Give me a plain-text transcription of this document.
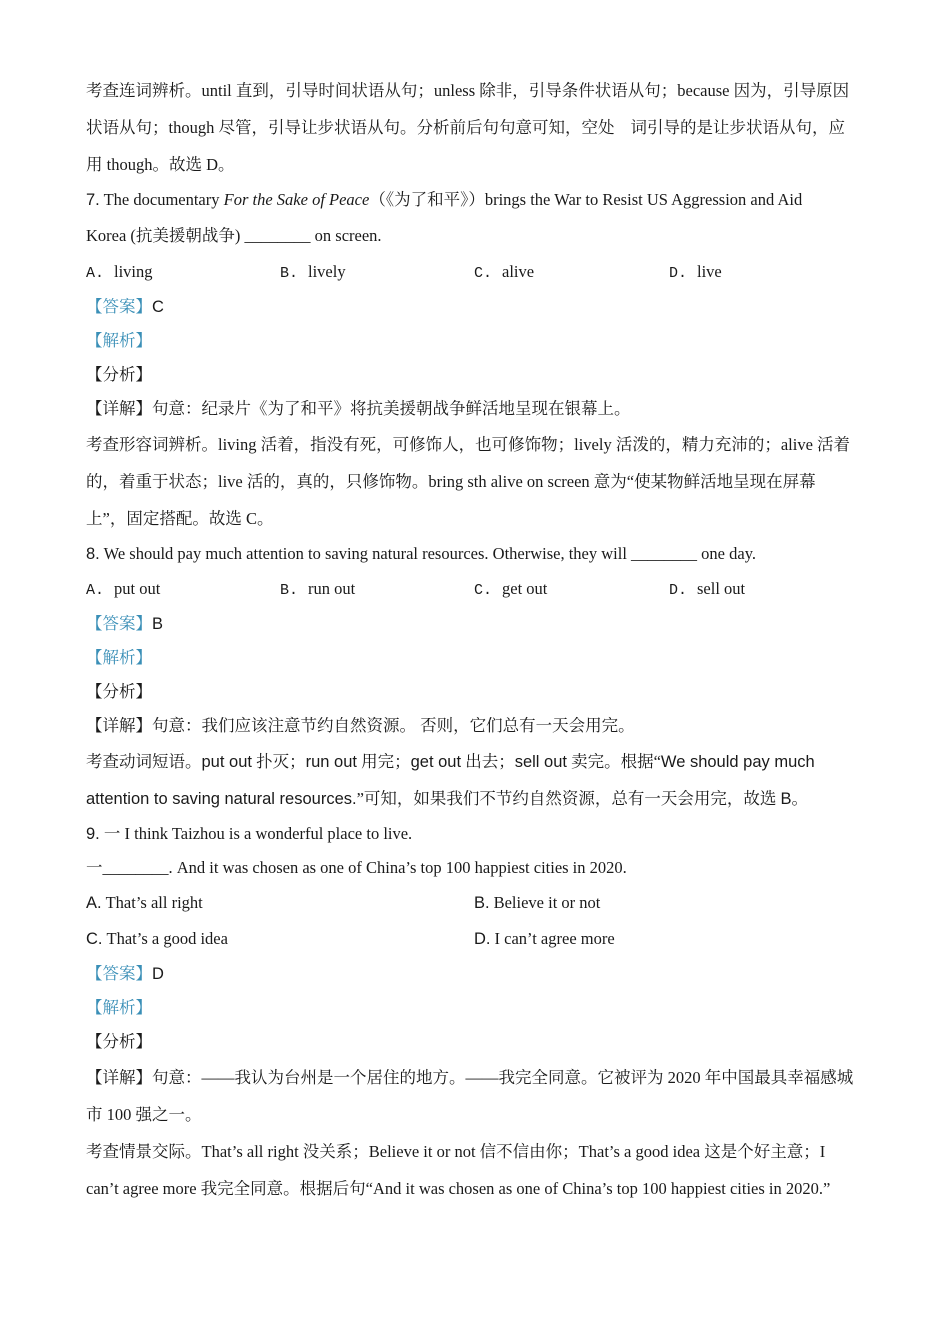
考查连词辨析。until 直到，引导时间状语从句；unless 除非，引导条件状语从句；because 因为，引导原因
状语从句；though 尽管，引导让步状语从句。分析前后句句意可知，空处 词引导的是让步状语从句，应
用 though。故选 D。
7. The documentary For the Sake of Peace（《为了和平》）brings the War to Resist US Aggression and Aid
Korea (抗美援朝战争) ________ on screen.
A. living	B. lively	C. alive	D. live
【答案】C
【解析】
【分析】
【详解】句意：纪录片《为了和平》将抗美援朝战争鲜活地呈现在银幕上。
考查形容词辨析。living 活着，指没有死，可修饰人，也可修饰物；lively 活泼的，精力充沛的；alive 活着
的，着重于状态；live 活的，真的，只修饰物。bring sth alive on screen 意为“使某物鲜活地呈现在屏幕
上”，固定搭配。故选 C。
8. We should pay much attention to saving natural resources. Otherwise, they will ________ one day.
A. put out	B. run out	C. get out	D. sell out
【答案】B
【解析】
【分析】
【详解】句意：我们应该注意节约自然资源。 否则，它们总有一天会用完。
考查动词短语。put out 扑灭；run out 用完；get out 出去；sell out 卖完。根据“We should pay much
attention to saving natural resources.”可知，如果我们不节约自然资源，总有一天会用完，故选 B。
9. 一 I think Taizhou is a wonderful place to live.
一________. And it was chosen as one of China’s top 100 happiest cities in 2020.
A. That’s all right	B. Believe it or not
C. That’s a good idea	D. I can’t agree more
【答案】D
【解析】
【分析】
【详解】句意：——我认为台州是一个居住的地方。——我完全同意。它被评为 2020 年中国最具幸福感城
市 100 强之一。
考查情景交际。That’s all right 没关系；Believe it or not 信不信由你；That’s a good idea 这是个好主意；I
can’t agree more 我完全同意。根据后句“And it was chosen as one of China’s top 100 happiest cities in 2020.”
